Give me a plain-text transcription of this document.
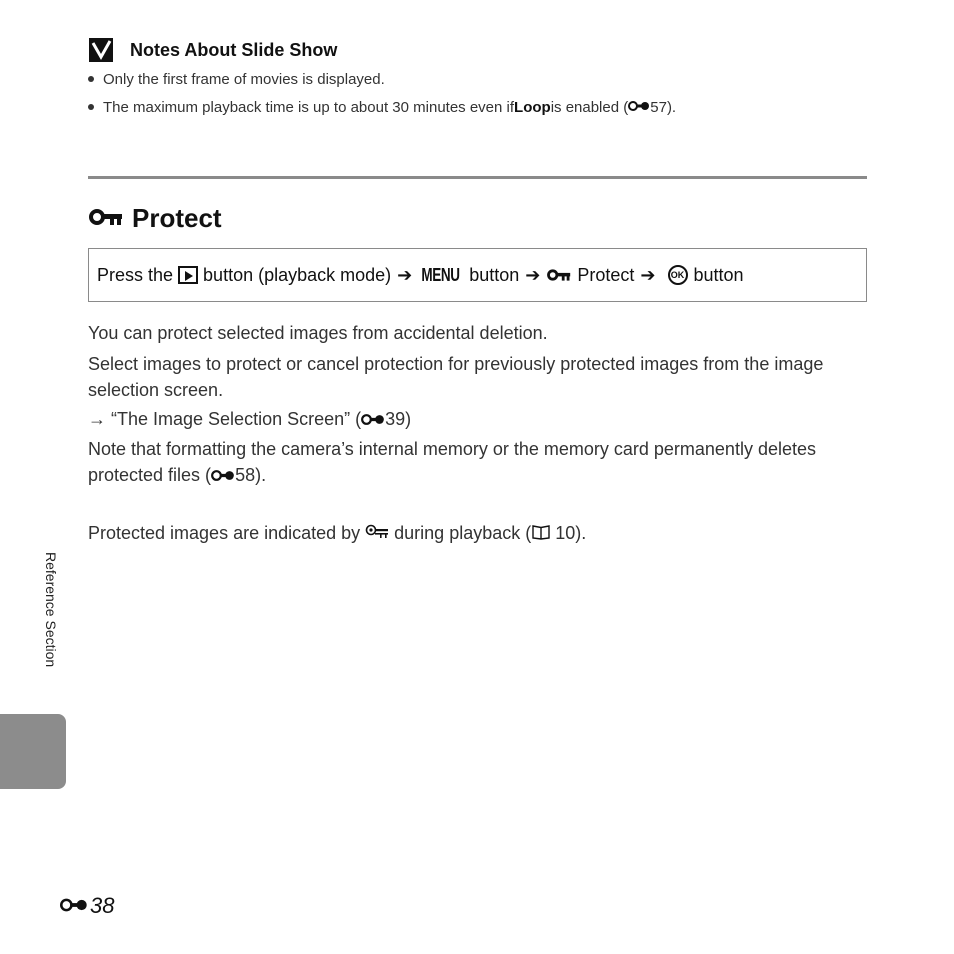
Notes About Slide Show
Only the first frame of movies is displayed.
The maximum playback time is up to about 30 minutes even if Loop is enabled ( 57 ).
Protect
Press the button (playback mode) ➔ MENU button ➔ Protect ➔	OK button
You can protect selected images from accidental deletion.
Select images to protect or cancel protection for previously protected images from the image selection screen.
→ “The Image Selection Screen” ( 39)
Note that formatting the camera’s internal memory or the memory card permanently deletes protected files ( 58).
Protected images are indicated by  during playback ( 10).
Reference Section
38
